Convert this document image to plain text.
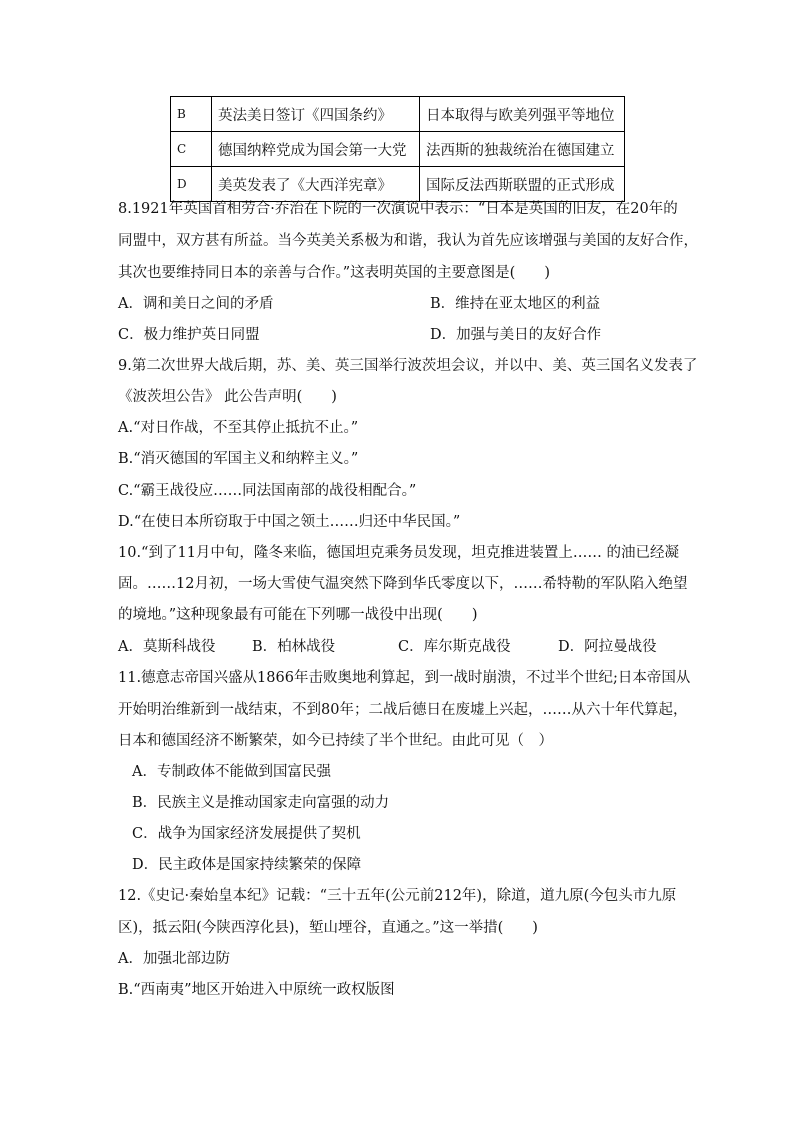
B	英法美日签订《四国条约》	日本取得与欧美列强平等地位
C	德国纳粹党成为国会第一大党	法西斯的独裁统治在德国建立
D	美英发表了《大西洋宪章》	国际反法西斯联盟的正式形成
8.1921年英国首相劳合·乔治在下院的一次演说中表示：“日本是英国的旧友，在20年的
同盟中，双方甚有所益。当今英美关系极为和谐，我认为首先应该增强与美国的友好合作，
其次也要维持同日本的亲善与合作。”这表明英国的主要意图是(　　)
A．调和美日之间的矛盾	B．维持在亚太地区的利益
C．极力维护英日同盟	D．加强与美日的友好合作
9.第二次世界大战后期，苏、美、英三国举行波茨坦会议，并以中、美、英三国名义发表了
《波茨坦公告》 此公告声明(　　)
A.“对日作战，不至其停止抵抗不止。”
B.“消灭德国的军国主义和纳粹主义。”
C.“霸王战役应……同法国南部的战役相配合。”
D.“在使日本所窃取于中国之领土……归还中华民国。”
10.“到了11月中旬，隆冬来临，德国坦克乘务员发现，坦克推进装置上…… 的油已经凝
固。……12月初，一场大雪使气温突然下降到华氏零度以下，……希特勒的军队陷入绝望
的境地。”这种现象最有可能在下列哪一战役中出现(　　)
A．莫斯科战役	B．柏林战役	C．库尔斯克战役	D．阿拉曼战役
11.德意志帝国兴盛从1866年击败奥地利算起，到一战时崩溃，不过半个世纪;日本帝国从
开始明治维新到一战结束，不到80年；二战后德日在废墟上兴起，……从六十年代算起，
日本和德国经济不断繁荣，如今已持续了半个世纪。由此可见（　）
A．专制政体不能做到国富民强
B．民族主义是推动国家走向富强的动力
C．战争为国家经济发展提供了契机
D．民主政体是国家持续繁荣的保障
12.《史记·秦始皇本纪》记载：“三十五年(公元前212年)，除道，道九原(今包头市九原
区)，抵云阳(今陕西淳化县)，堑山堙谷，直通之。”这一举措(　　)
A．加强北部边防
B.“西南夷”地区开始进入中原统一政权版图
